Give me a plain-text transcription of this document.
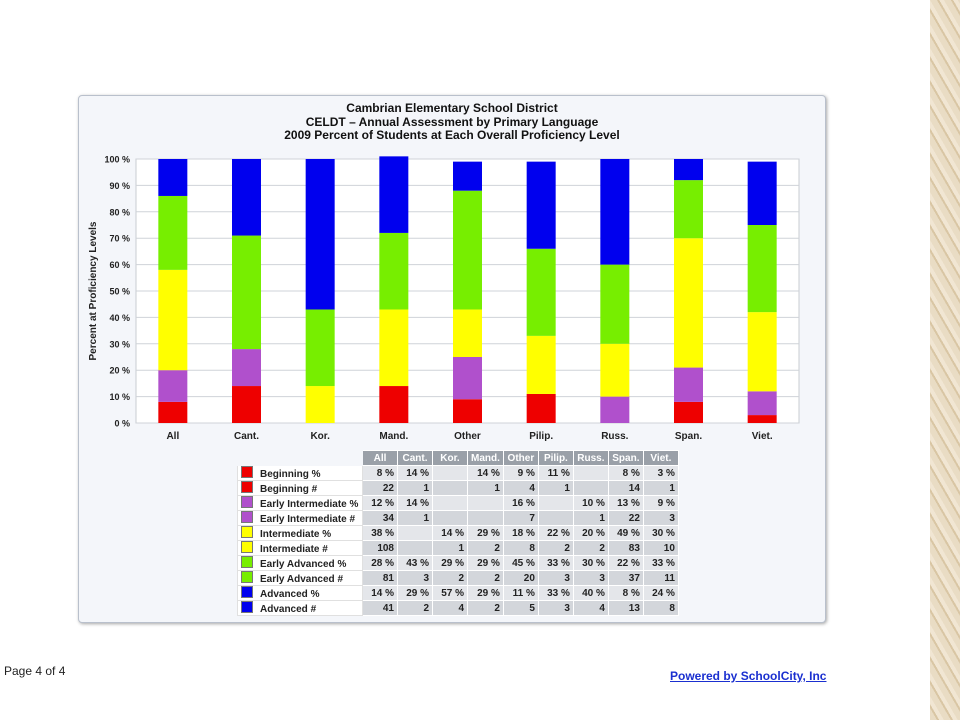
Cambrian Elementary School District
CELDT – Annual Assessment by Primary Language
2009 Percent of Students at Each Overall Proficiency Level
0 %
10 %
20 %
30 %
40 %
50 %
60 %
70 %
80 %
90 %
100 %
Percent at Proficiency Levels
All	Cant.	Kor.	Mand.	Other	Pilip.	Russ.	Span.	Viet.
	All	Cant.	Kor.	Mand.	Other	Pilip.	Russ.	Span.	Viet.
Beginning %	8 %	14 %		14 %	9 %	11 %		8 %	3 %
Beginning #	22	1		1	4	1		14	1
Early Intermediate %	12 %	14 %			16 %		10 %	13 %	9 %
Early Intermediate #	34	1			7		1	22	3
Intermediate %	38 %		14 %	29 %	18 %	22 %	20 %	49 %	30 %
Intermediate #	108		1	2	8	2	2	83	10
Early Advanced %	28 %	43 %	29 %	29 %	45 %	33 %	30 %	22 %	33 %
Early Advanced #	81	3	2	2	20	3	3	37	11
Advanced %	14 %	29 %	57 %	29 %	11 %	33 %	40 %	8 %	24 %
Advanced #	41	2	4	2	5	3	4	13	8
Page 4 of 4	Powered by SchoolCity, Inc
